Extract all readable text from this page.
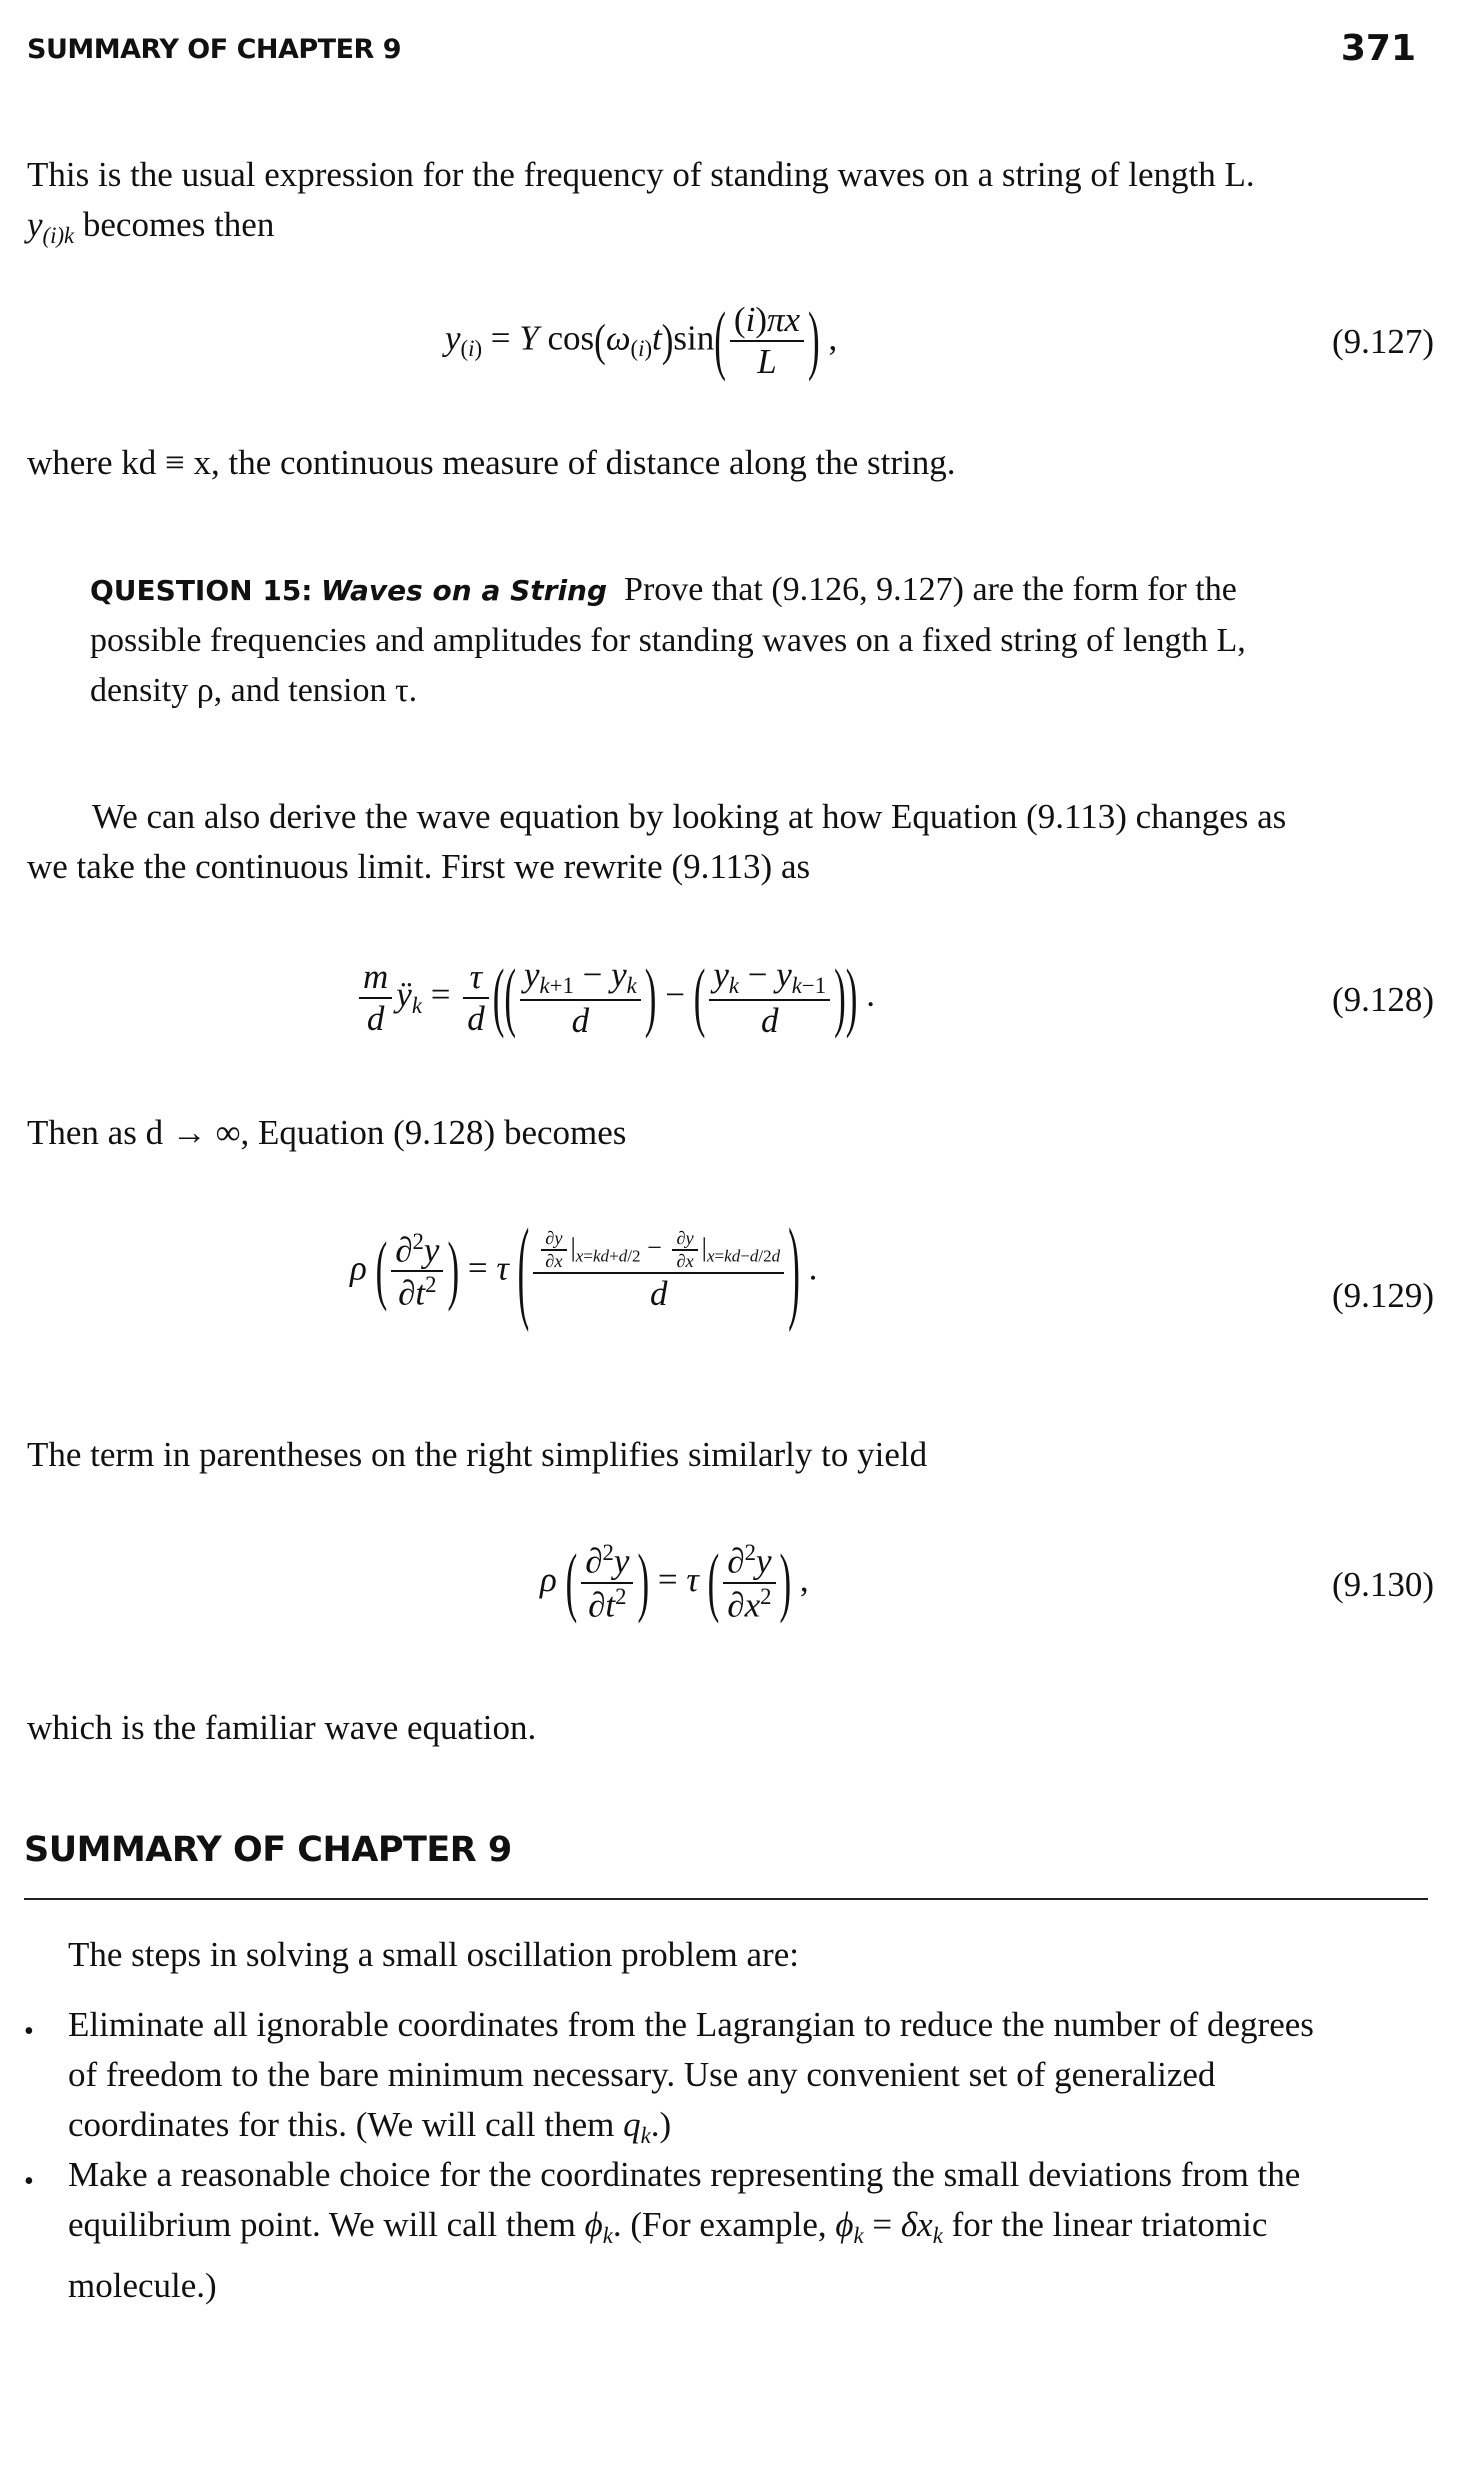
SUMMARY OF CHAPTER 9	371
This is the usual expression for the frequency of standing waves on a string of length L.
$y_{(i)k}$ becomes then
$y_{(i)} = Y$ $\cos(\omega_{(i)}t)\sin( \frac{(i)\pi x}{L}$ ) ,	(9.127)
where kd ≡ x, the continuous measure of distance along the string.
QUESTION 15: Waves on a String Prove that (9.126, 9.127) are the form for the
possible frequencies and amplitudes for standing waves on a fixed string of length L,
density ρ, and tension τ.
We can also derive the wave equation by looking at how Equation (9.113) changes as
we take the continuous limit. First we rewrite (9.113) as
$\frac{m}{d}$ $ÿ_k = \frac{\tau}{d}$ (( $\frac{y_{k+1} - y_k}{d}$ ) − ( $\frac{y_k - y_{k-1}}{d}$ )) .	(9.128)
Then as d → ∞, Equation (9.128) becomes
ρ ( $\frac{\partial^2y}{\partial t^2}$ ) = τ ( $\frac{\frac{\partial y}{\partial x} |_{x=kd+d/2} - \frac{\partial y}{\partial x} |_{x=kd-d/2d}}{d}$ ) .
(9.129)
The term in parentheses on the right simplifies similarly to yield
ρ ( $\frac{\partial^2y}{\partial t^2}$ ) = τ ( $\frac{\partial^2y}{\partial x^2}$ ) ,	(9.130)
which is the familiar wave equation.
SUMMARY OF CHAPTER 9
The steps in solving a small oscillation problem are:
• Eliminate all ignorable coordinates from the Lagrangian to reduce the number of degrees
of freedom to the bare minimum necessary. Use any convenient set of generalized
coordinates for this. (We will call them $q_k$.)
• Make a reasonable choice for the coordinates representing the small deviations from the
equilibrium point. We will call them $\phi_k$. (For example, $\phi_k = \delta x_k$ for the linear triatomic
molecule.)
